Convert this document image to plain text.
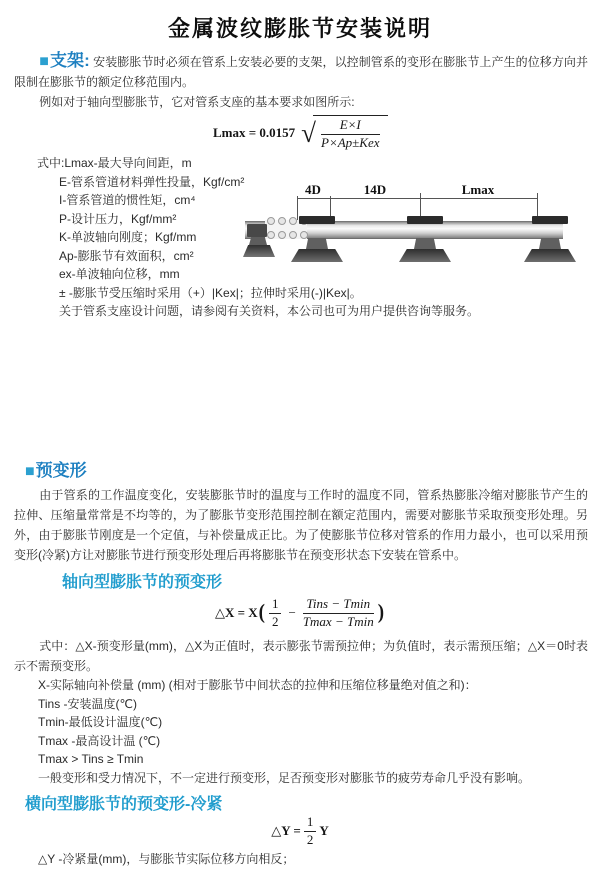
金属波纹膨胀节安装说明

■支架: 安装膨胀节时必须在管系上安装必要的支架，以控制管系的变形在膨胀节上产生的位移方向并限制在膨胀节的额定位移范围内。

例如对于轴向型膨胀节，它对管系支座的基本要求如图所示:

Lmax = 0.0157 √ $\frac{E\times I}{\text{P×Ap±Kex}}$
式中:Lmax-最大导向间距，m
E-管系管道材料弹性投量，Kgf/cm²
I-管系管道的惯性矩，cm⁴
P-设计压力，Kgf/mm²
K-单波轴向刚度；Kgf/mm
Ap-膨胀节有效面积，cm²
ex-单波轴向位移，mm
± -膨胀节受压缩时采用（+）|Kex|；拉伸时采用(-)|Kex|。
关于管系支座设计问题，请参阅有关资料，本公司也可为用户提供咨询等服务。
4D	14D	Lmax
■预变形

由于管系的工作温度变化，安装膨胀节时的温度与工作时的温度不同，管系热膨胀冷缩对膨胀节产生的拉伸、压缩量常常是不均等的，为了膨胀节变形范围控制在额定范围内，需要对膨胀节采取预变形处理。另外，由于膨胀节刚度是一个定值，与补偿量成正比。为了使膨胀节位移对管系的作用力最小，也可以采用预变形(冷紧)方让对膨胀节进行预变形处理后再将膨胀节在预变形状态下安装在管系中。

轴向型膨胀节的预变形
△X = X ( $\frac{1}{2} - \frac{\text{Tins − Tmin}}{Tmax - Tmin}$ )

式中：△X-预变形量(mm)，△X为正值时，表示膨张节需预拉伸；为负值时，表示需预压缩；△X＝0时表示不需预变形。

X-实际轴向补偿量 (mm) (相对于膨胀节中间状态的拉伸和压缩位移量绝对值之和)：
Tins -安装温度(℃)
Tmin-最低设计温度(℃)
Tmax -最高设计温 (℃)
Tmax > Tins ≥ Tmin
一般变形和受力情况下，不一定进行预变形，足否预变形对膨胀节的疲劳寿命几乎没有影响。
横向型膨胀节的预变形-冷紧
△Y = $\frac{1}{2}$ Y
△Y -冷紧量(mm)，与膨胀节实际位移方向相反；
